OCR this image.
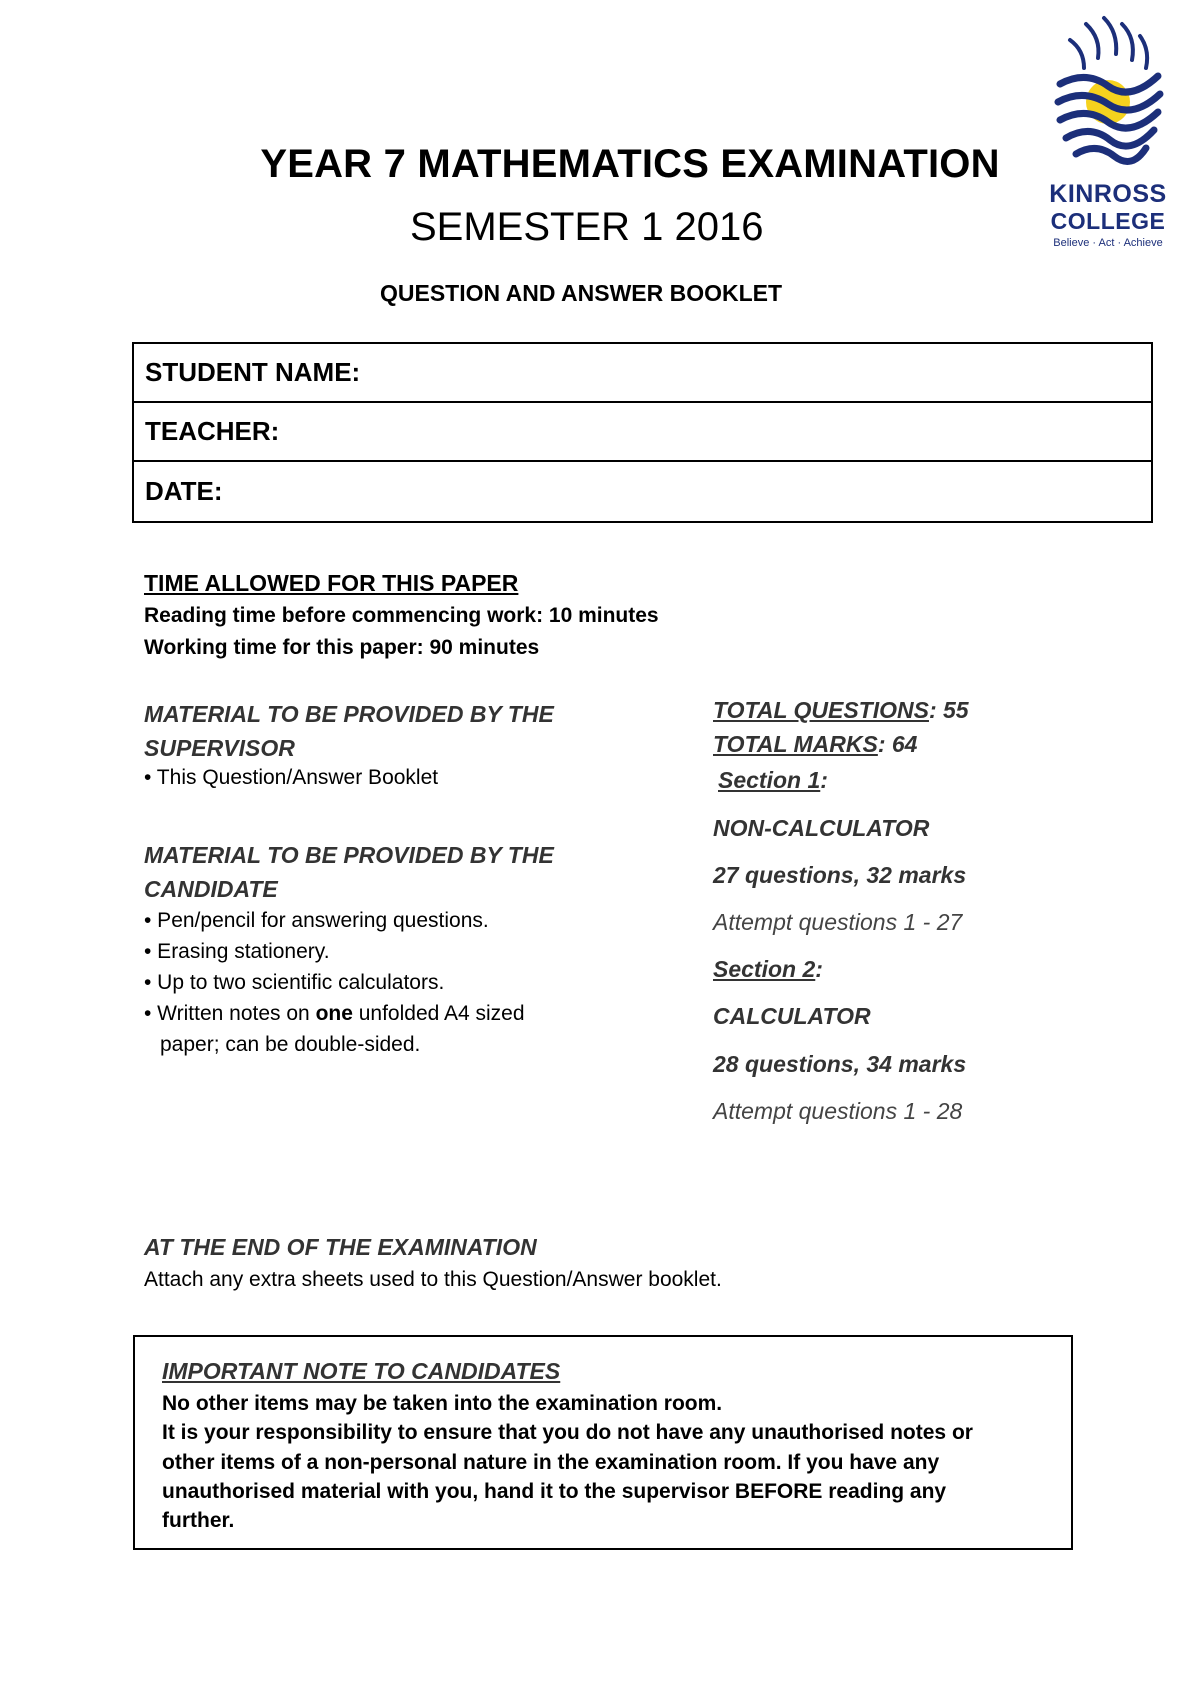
YEAR 7 MATHEMATICS EXAMINATION
SEMESTER 1 2016
QUESTION AND ANSWER BOOKLET
KINROSS
COLLEGE
Believe · Act · Achieve
STUDENT NAME:
TEACHER:
DATE:
TIME ALLOWED FOR THIS PAPER
Reading time before commencing work: 10 minutes
Working time for this paper: 90 minutes
MATERIAL TO BE PROVIDED BY THE
SUPERVISOR
• This Question/Answer Booklet
MATERIAL TO BE PROVIDED BY THE
CANDIDATE
• Pen/pencil for answering questions.
• Erasing stationery.
• Up to two scientific calculators.
• Written notes on one unfolded A4 sized
paper; can be double-sided.
TOTAL QUESTIONS: 55
TOTAL MARKS: 64
Section 1:
NON-CALCULATOR
27 questions, 32 marks
Attempt questions 1 - 27
Section 2:
CALCULATOR
28 questions, 34 marks
Attempt questions 1 - 28
AT THE END OF THE EXAMINATION
Attach any extra sheets used to this Question/Answer booklet.
IMPORTANT NOTE TO CANDIDATES
No other items may be taken into the examination room.
It is your responsibility to ensure that you do not have any unauthorised notes or
other items of a non-personal nature in the examination room. If you have any
unauthorised material with you, hand it to the supervisor BEFORE reading any
further.
